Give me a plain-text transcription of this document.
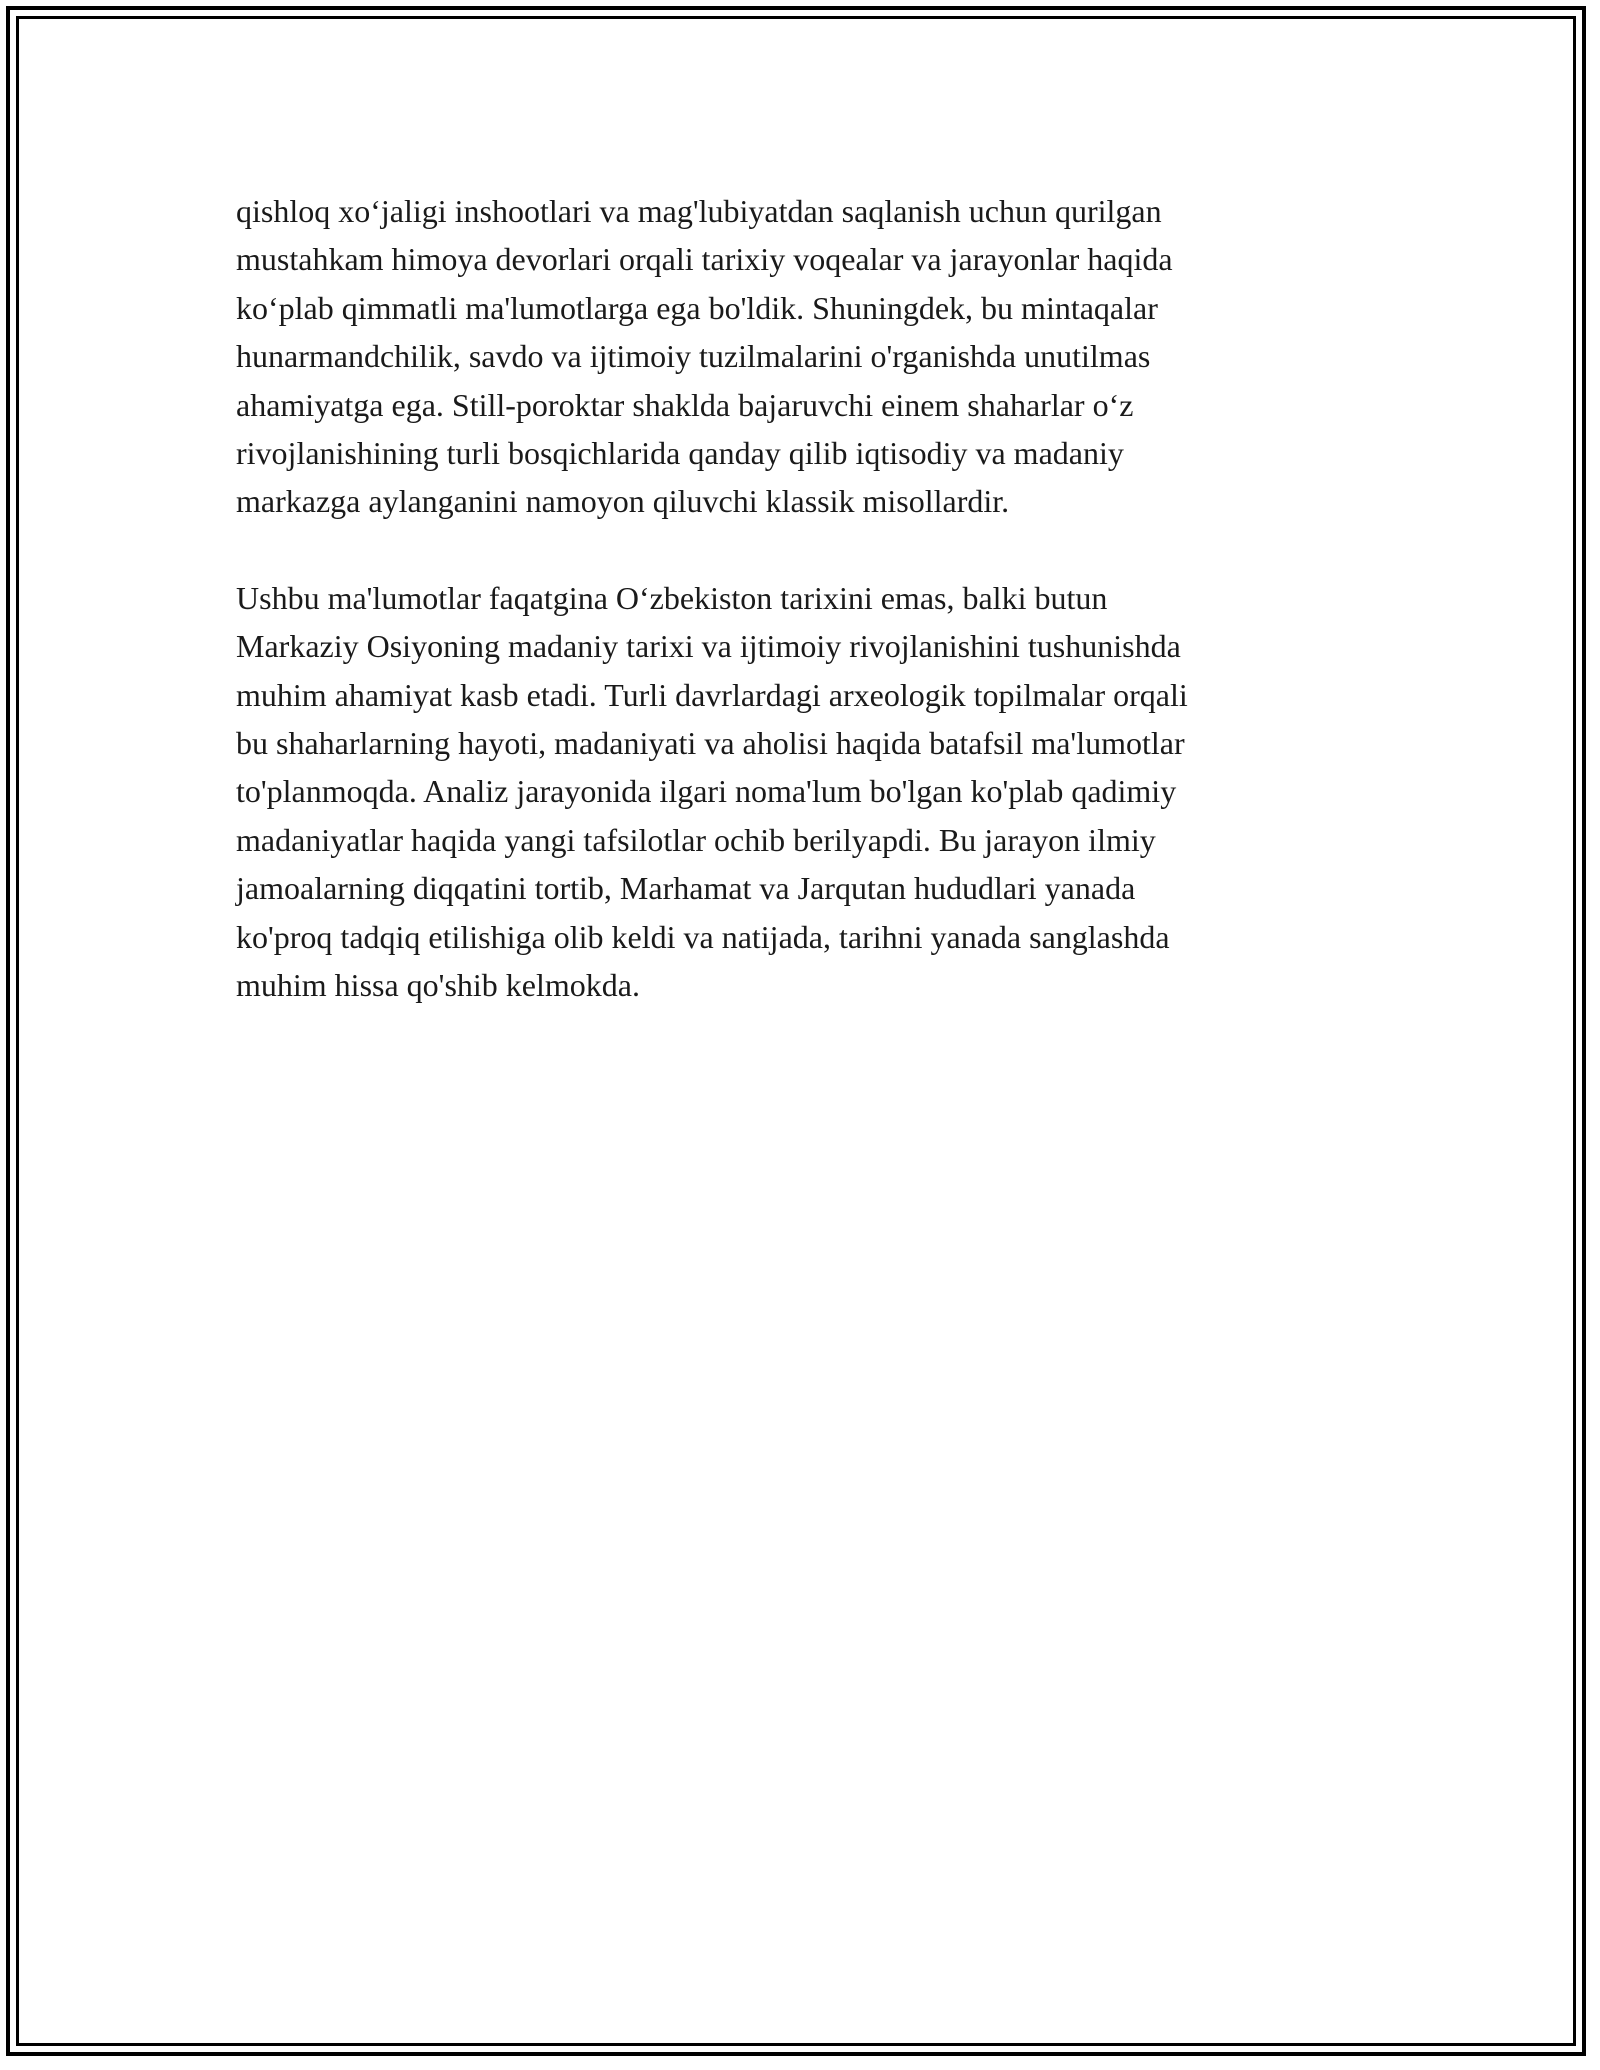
qishloq xo‘jaligi inshootlari va mag'lubiyatdan saqlanish uchun qurilgan
mustahkam himoya devorlari orqali tarixiy voqealar va jarayonlar haqida
ko‘plab qimmatli ma'lumotlarga ega bo'ldik. Shuningdek, bu mintaqalar
hunarmandchilik, savdo va ijtimoiy tuzilmalarini o'rganishda unutilmas
ahamiyatga ega. Still-poroktar shaklda bajaruvchi einem shaharlar o‘z
rivojlanishining turli bosqichlarida qanday qilib iqtisodiy va madaniy
markazga aylanganini namoyon qiluvchi klassik misollardir.

Ushbu ma'lumotlar faqatgina O‘zbekiston tarixini emas, balki butun
Markaziy Osiyoning madaniy tarixi va ijtimoiy rivojlanishini tushunishda
muhim ahamiyat kasb etadi. Turli davrlardagi arxeologik topilmalar orqali
bu shaharlarning hayoti, madaniyati va aholisi haqida batafsil ma'lumotlar
to'planmoqda. Analiz jarayonida ilgari noma'lum bo'lgan ko'plab qadimiy
madaniyatlar haqida yangi tafsilotlar ochib berilyapdi. Bu jarayon ilmiy
jamoalarning diqqatini tortib, Marhamat va Jarqutan hududlari yanada
ko'proq tadqiq etilishiga olib keldi va natijada, tarihni yanada sanglashda
muhim hissa qo'shib kelmokda.
